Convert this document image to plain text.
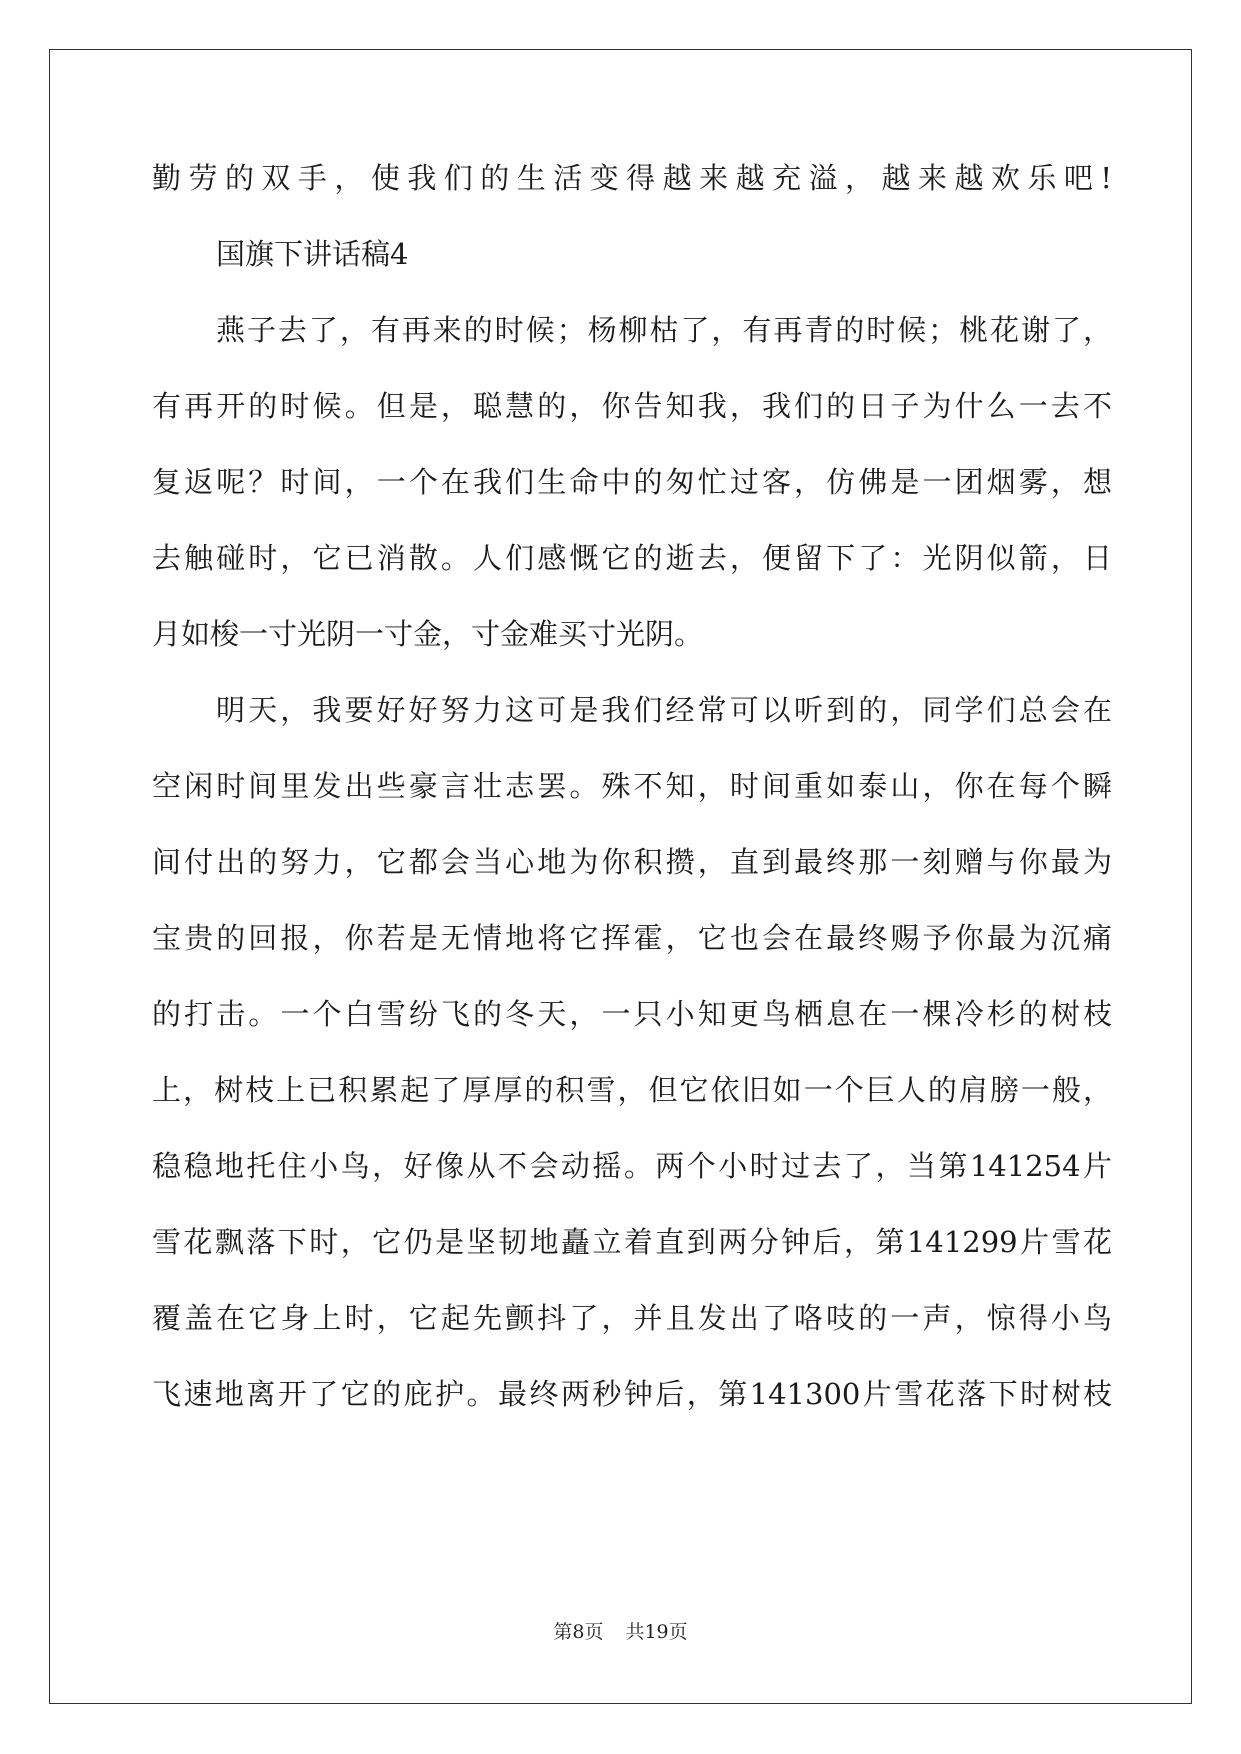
勤劳的双手，使我们的生活变得越来越充溢，越来越欢乐吧!
国旗下讲话稿4
燕子去了，有再来的时候；杨柳枯了，有再青的时候；桃花谢了，
有再开的时候。但是，聪慧的，你告知我，我们的日子为什么一去不
复返呢？时间，一个在我们生命中的匆忙过客，仿佛是一团烟雾，想
去触碰时，它已消散。人们感慨它的逝去，便留下了：光阴似箭，日
月如梭一寸光阴一寸金，寸金难买寸光阴。
明天，我要好好努力这可是我们经常可以听到的，同学们总会在
空闲时间里发出些豪言壮志罢。殊不知，时间重如泰山，你在每个瞬
间付出的努力，它都会当心地为你积攒，直到最终那一刻赠与你最为
宝贵的回报，你若是无情地将它挥霍，它也会在最终赐予你最为沉痛
的打击。一个白雪纷飞的冬天，一只小知更鸟栖息在一棵冷杉的树枝
上，树枝上已积累起了厚厚的积雪，但它依旧如一个巨人的肩膀一般，
稳稳地托住小鸟，好像从不会动摇。两个小时过去了，当第141254片
雪花飘落下时，它仍是坚韧地矗立着直到两分钟后，第141299片雪花
覆盖在它身上时，它起先颤抖了，并且发出了咯吱的一声，惊得小鸟
飞速地离开了它的庇护。最终两秒钟后，第141300片雪花落下时树枝
第8页 共19页
